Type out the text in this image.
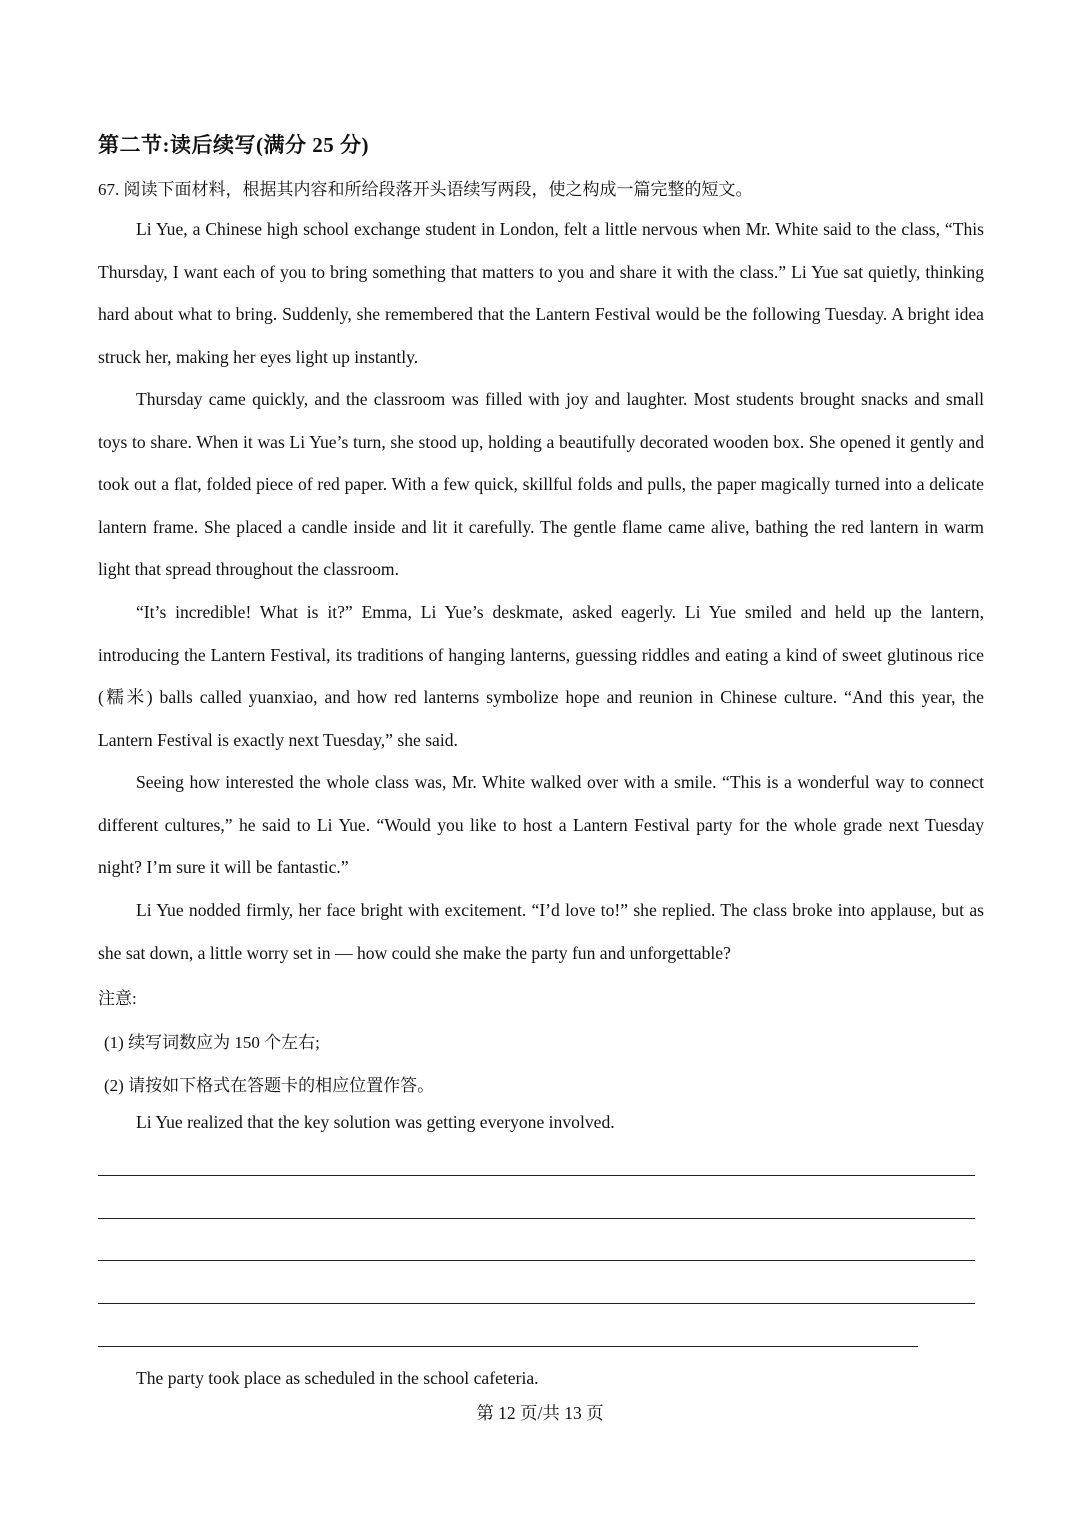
第二节:读后续写(满分 25 分)
67. 阅读下面材料，根据其内容和所给段落开头语续写两段，使之构成一篇完整的短文。

Li Yue, a Chinese high school exchange student in London, felt a little nervous when Mr. White said to the class, “This Thursday, I want each of you to bring something that matters to you and share it with the class.” Li Yue sat quietly, thinking hard about what to bring. Suddenly, she remembered that the Lantern Festival would be the following Tuesday. A bright idea struck her, making her eyes light up instantly.

Thursday came quickly, and the classroom was filled with joy and laughter. Most students brought snacks and small toys to share. When it was Li Yue’s turn, she stood up, holding a beautifully decorated wooden box. She opened it gently and took out a flat, folded piece of red paper. With a few quick, skillful folds and pulls, the paper magically turned into a delicate lantern frame. She placed a candle inside and lit it carefully. The gentle flame came alive, bathing the red lantern in warm light that spread throughout the classroom.

“It’s incredible! What is it?” Emma, Li Yue’s deskmate, asked eagerly. Li Yue smiled and held up the lantern, introducing the Lantern Festival, its traditions of hanging lanterns, guessing riddles and eating a kind of sweet glutinous rice (糯米) balls called yuanxiao, and how red lanterns symbolize hope and reunion in Chinese culture. “And this year, the Lantern Festival is exactly next Tuesday,” she said.

Seeing how interested the whole class was, Mr. White walked over with a smile. “This is a wonderful way to connect different cultures,” he said to Li Yue. “Would you like to host a Lantern Festival party for the whole grade next Tuesday night? I’m sure it will be fantastic.”

Li Yue nodded firmly, her face bright with excitement. “I’d love to!” she replied. The class broke into applause, but as she sat down, a little worry set in — how could she make the party fun and unforgettable?

注意:
(1) 续写词数应为 150 个左右;
(2) 请按如下格式在答题卡的相应位置作答。
Li Yue realized that the key solution was getting everyone involved.
The party took place as scheduled in the school cafeteria.
第 12 页/共 13 页
